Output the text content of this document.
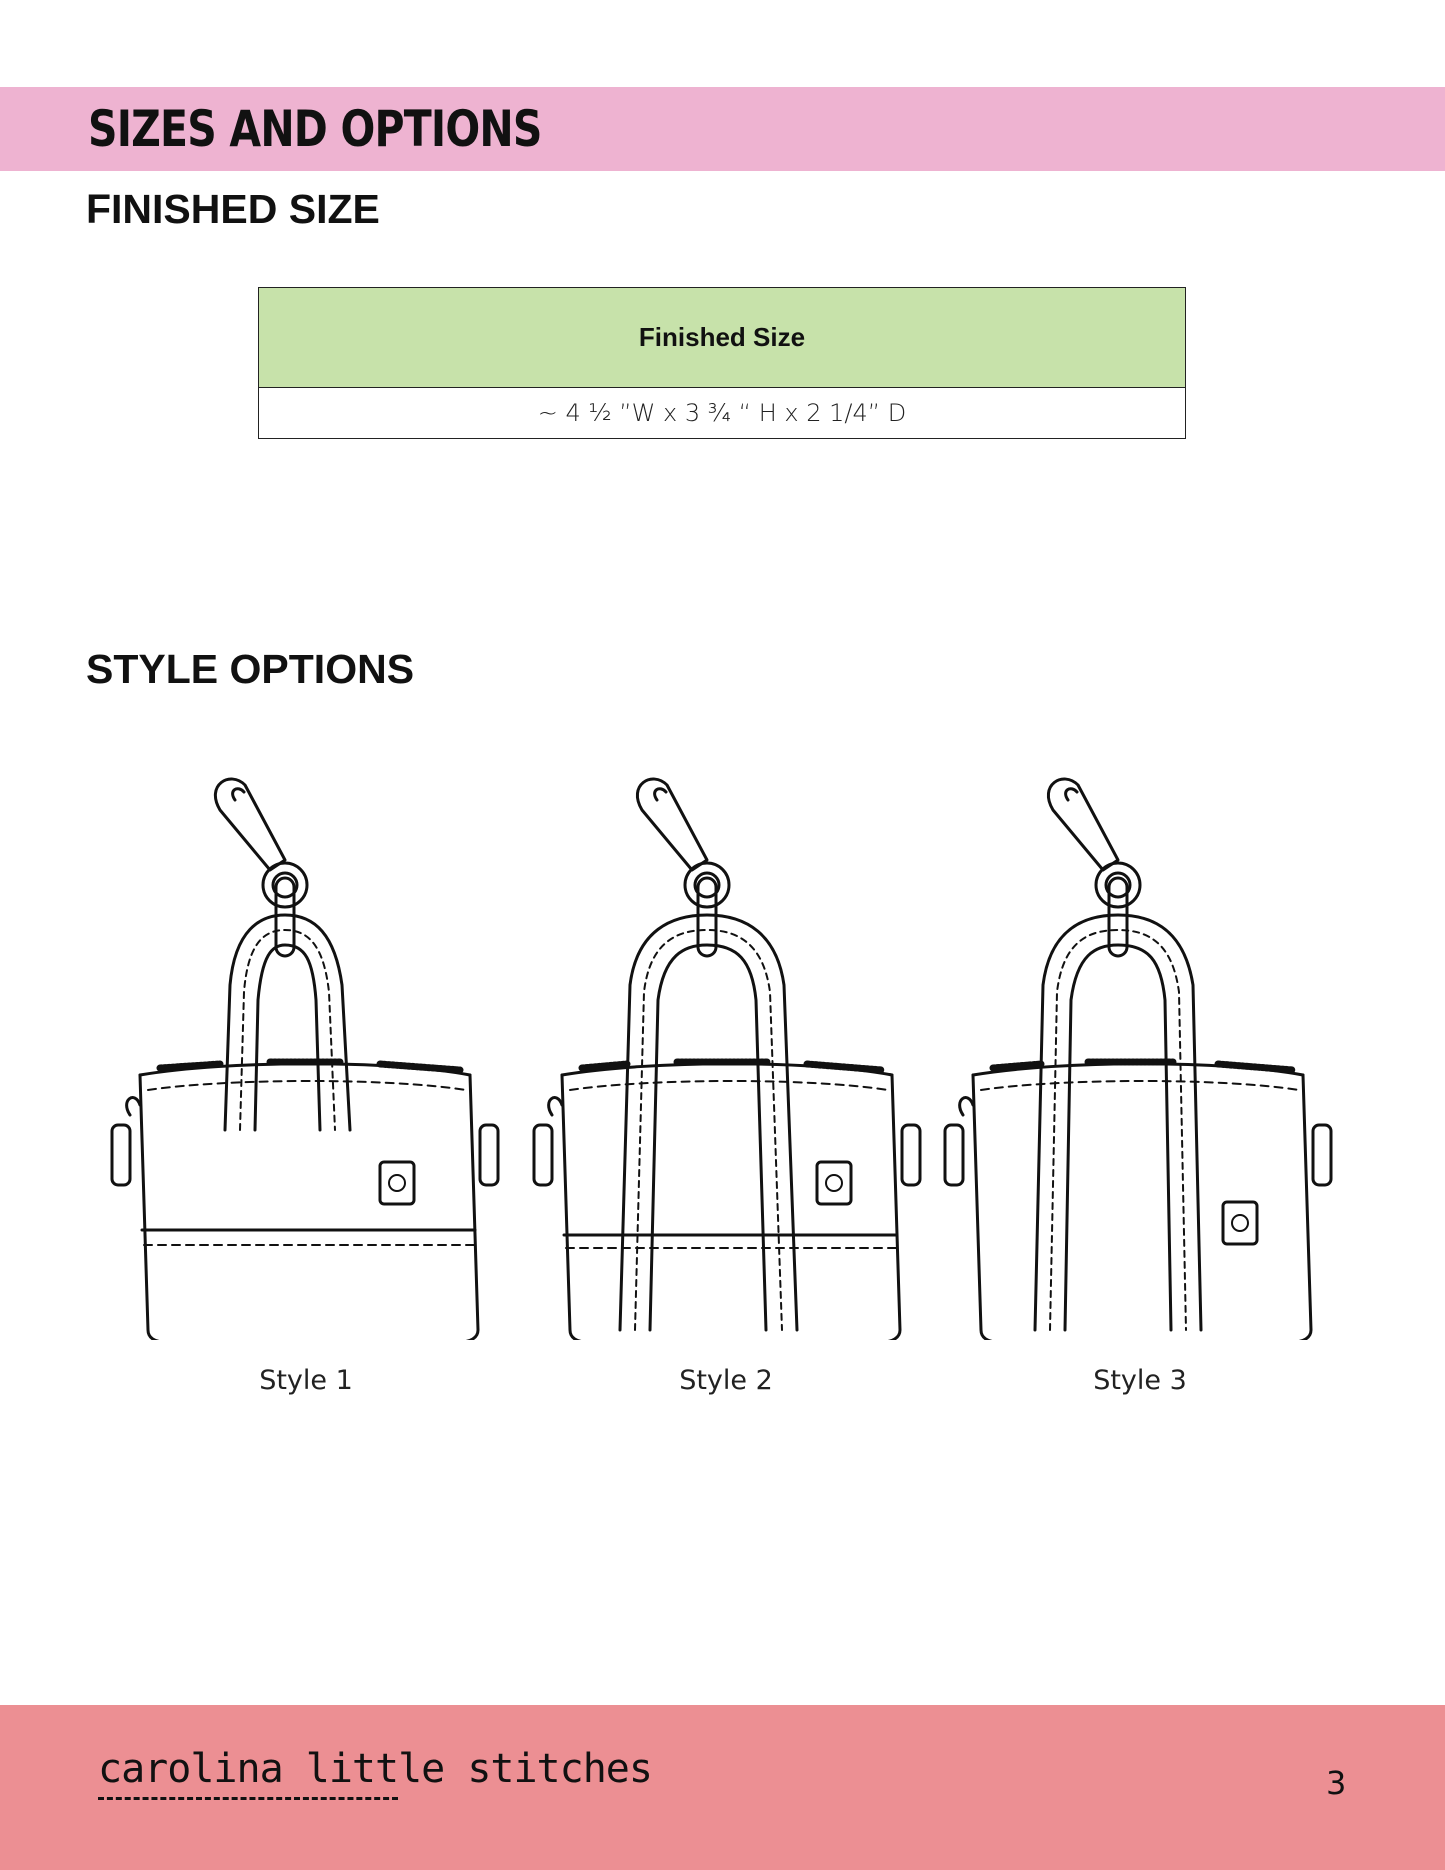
SIZES AND OPTIONS
FINISHED SIZE
Finished Size
~ 4 ½ ”W x 3 ¾ “ H x 2 1/4” D
STYLE OPTIONS
Style 1	Style 2	Style 3
carolina little stitches	3
